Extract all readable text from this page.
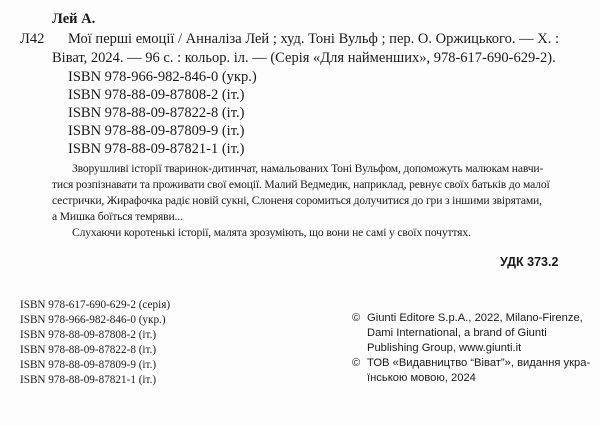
Лей А.
Л42 Мої перші емоції / Анналіза Лей ; худ. Тоні Вульф ; пер. О. Оржицького. — Х. :
Віват, 2024. — 96 с. : кольор. іл. — (Серія «Для найменших», 978-617-690-629-2).
ISBN 978-966-982-846-0 (укр.)
ISBN 978-88-09-87808-2 (іт.)
ISBN 978-88-09-87822-8 (іт.)
ISBN 978-88-09-87809-9 (іт.)
ISBN 978-88-09-87821-1 (іт.)
Зворушливі історії тваринок-дитинчат, намальованих Тоні Вульфом, допоможуть малюкам навчи-
тися розпізнавати та проживати свої емоції. Малий Ведмедик, наприклад, ревнує своїх батьків до малої
сестрички, Жирафочка радіє новій сукні, Слоненя соромиться долучитися до гри з іншими звірятами,
а Мишка боїться темряви...
Слухаючи коротенькі історії, малята зрозуміють, що вони не самі у своїх почуттях.
УДК 373.2
ISBN 978-617-690-629-2 (серія)
ISBN 978-966-982-846-0 (укр.)
ISBN 978-88-09-87808-2 (іт.)
ISBN 978-88-09-87822-8 (іт.)
ISBN 978-88-09-87809-9 (іт.)
ISBN 978-88-09-87821-1 (іт.)
© Giunti Editore S.p.A., 2022, Milano-Firenze,
Dami International, a brand of Giunti
Publishing Group, www.giunti.it
© ТОВ «Видавництво “Віват”», видання укра-
їнською мовою, 2024
